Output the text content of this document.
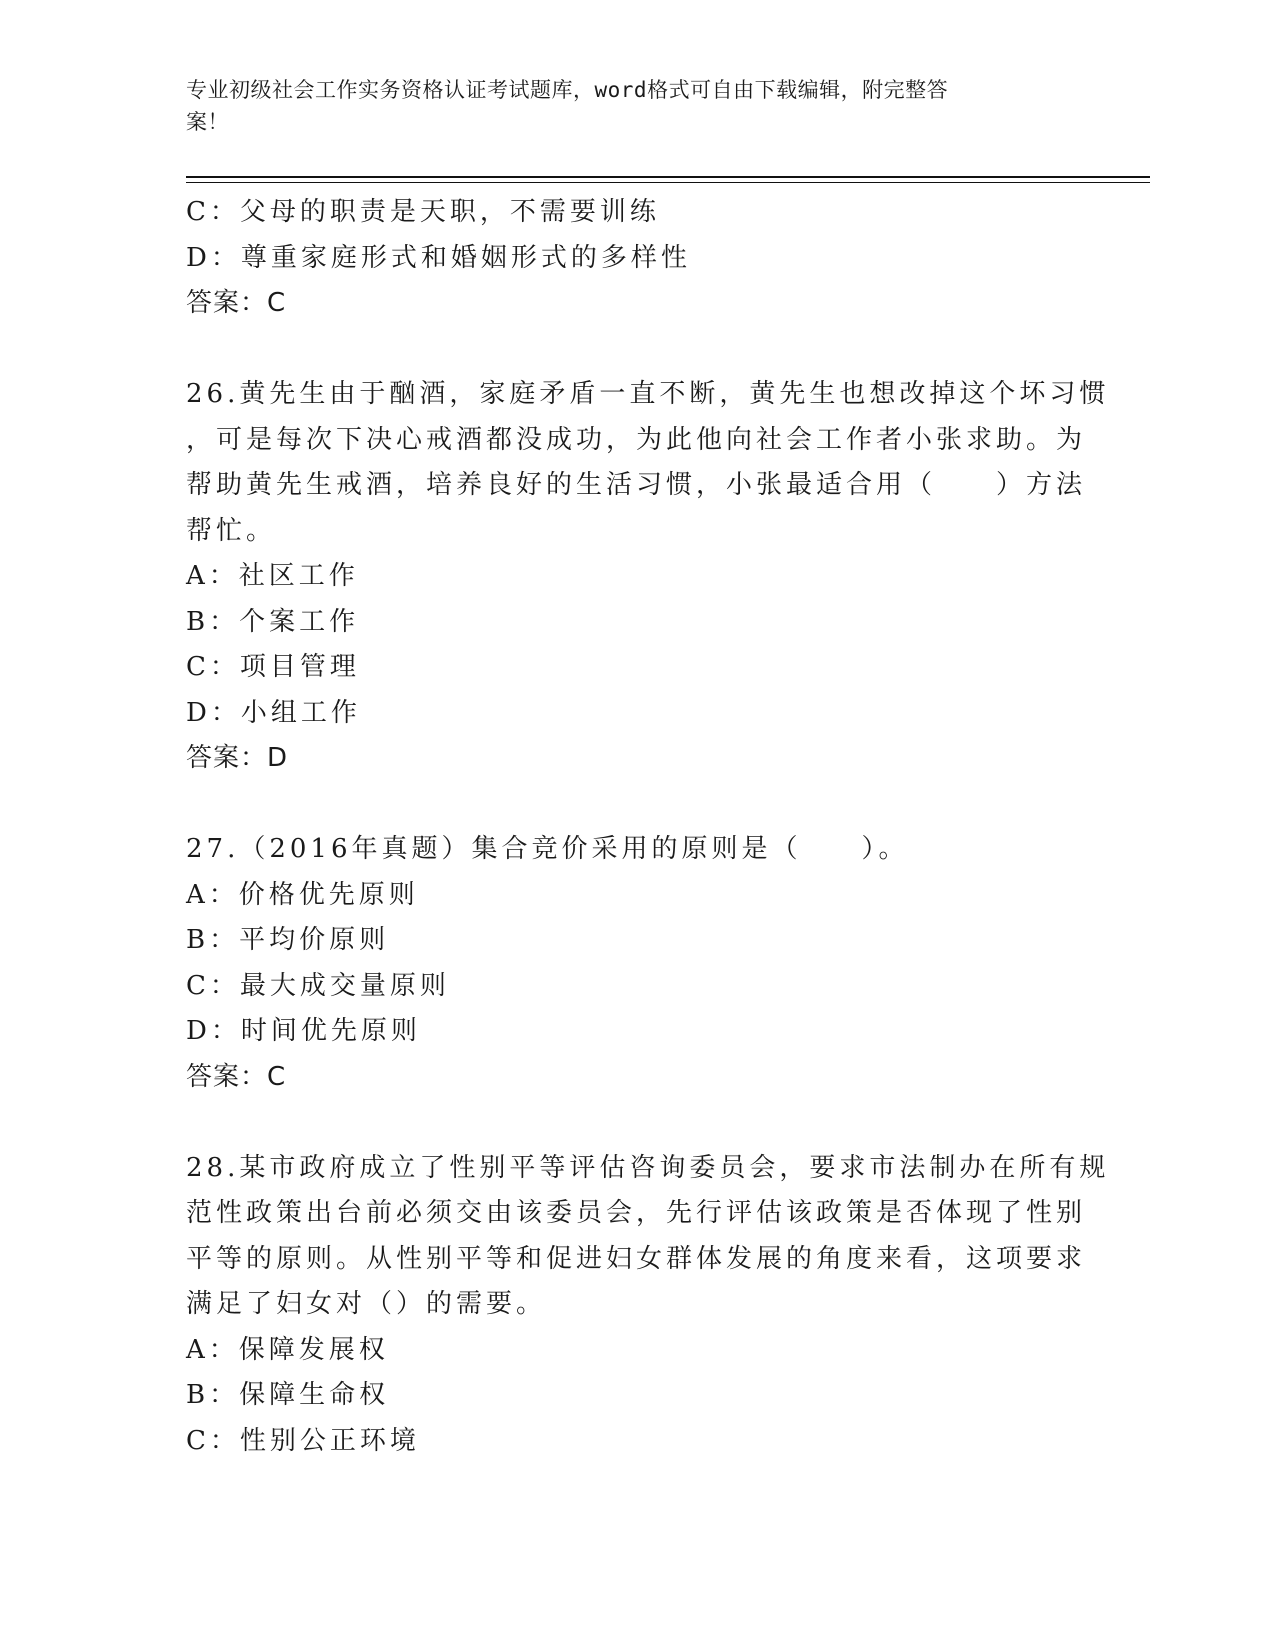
专业初级社会工作实务资格认证考试题库，word格式可自由下载编辑，附完整答
案！
C：父母的职责是天职，不需要训练
D：尊重家庭形式和婚姻形式的多样性
答案：C
26.黄先生由于酗酒，家庭矛盾一直不断，黄先生也想改掉这个坏习惯
，可是每次下决心戒酒都没成功，为此他向社会工作者小张求助。为
帮助黄先生戒酒，培养良好的生活习惯，小张最适合用（　　）方法
帮忙。
A：社区工作
B：个案工作
C：项目管理
D：小组工作
答案：D
27.（2016年真题）集合竞价采用的原则是（　　）。
A：价格优先原则
B：平均价原则
C：最大成交量原则
D：时间优先原则
答案：C
28.某市政府成立了性别平等评估咨询委员会，要求市法制办在所有规
范性政策出台前必须交由该委员会，先行评估该政策是否体现了性别
平等的原则。从性别平等和促进妇女群体发展的角度来看，这项要求
满足了妇女对（）的需要。
A：保障发展权
B：保障生命权
C：性别公正环境
